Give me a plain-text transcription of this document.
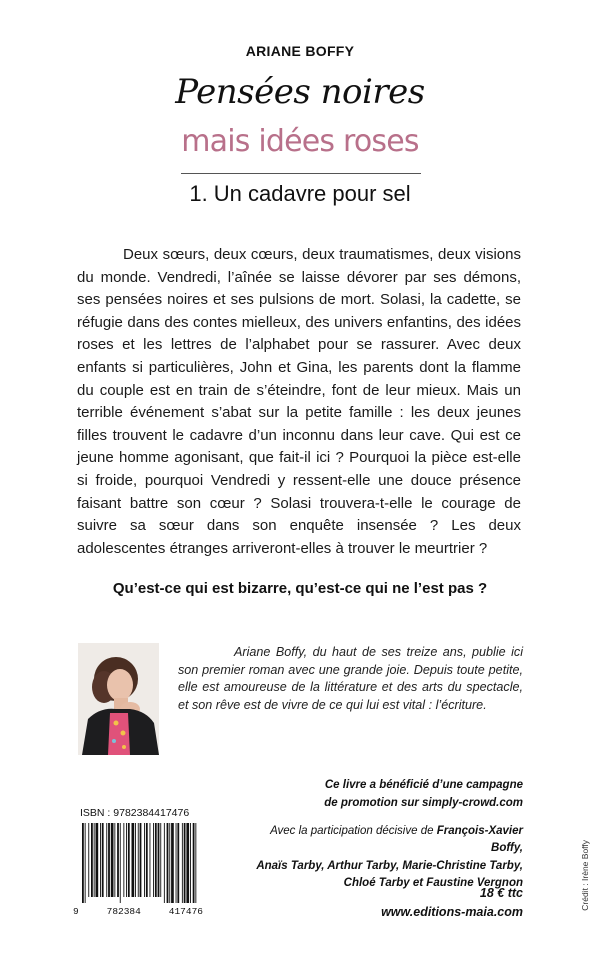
ARIANE BOFFY
Pensées noires
mais idées roses
1. Un cadavre pour sel

Deux sœurs, deux cœurs, deux traumatismes, deux visions du monde. Vendredi, l’aînée se laisse dévorer par ses démons, ses pensées noires et ses pulsions de mort. Solasi, la cadette, se réfugie dans des contes mielleux, des univers enfantins, des idées roses et les lettres de l’alphabet pour se rassurer. Avec deux enfants si particulières, John et Gina, les parents dont la flamme du couple est en train de s’éteindre, font de leur mieux. Mais un terrible événement s’abat sur la petite famille : les deux jeunes filles trouvent le cadavre d’un inconnu dans leur cave. Qui est ce jeune homme agonisant, que fait-il ici ? Pourquoi la pièce est-elle si froide, pourquoi Vendredi y ressent-elle une douce présence faisant battre son cœur ? Solasi trouvera-t-elle le courage de suivre sa sœur dans son enquête insensée ? Les deux adolescentes étranges arriveront-elles à trouver le meurtrier ?

Qu’est-ce qui est bizarre, qu’est-ce qui ne l’est pas ?

Ariane Boffy, du haut de ses treize ans, publie ici son premier roman avec une grande joie. Depuis toute petite, elle est amoureuse de la littérature et des arts du spectacle, et son rêve est de vivre de ce qui lui est vital : l’écriture.

Ce livre a bénéficié d’une campagne
de promotion sur simply-crowd.com
ISBN : 9782384417476
9	782384	417476
Avec la participation décisive de François-Xavier Boffy,
Anaïs Tarby, Arthur Tarby, Marie-Christine Tarby,
Chloé Tarby et Faustine Vergnon
18 € ttc
www.editions-maia.com
Crédit : Irène Boffy
